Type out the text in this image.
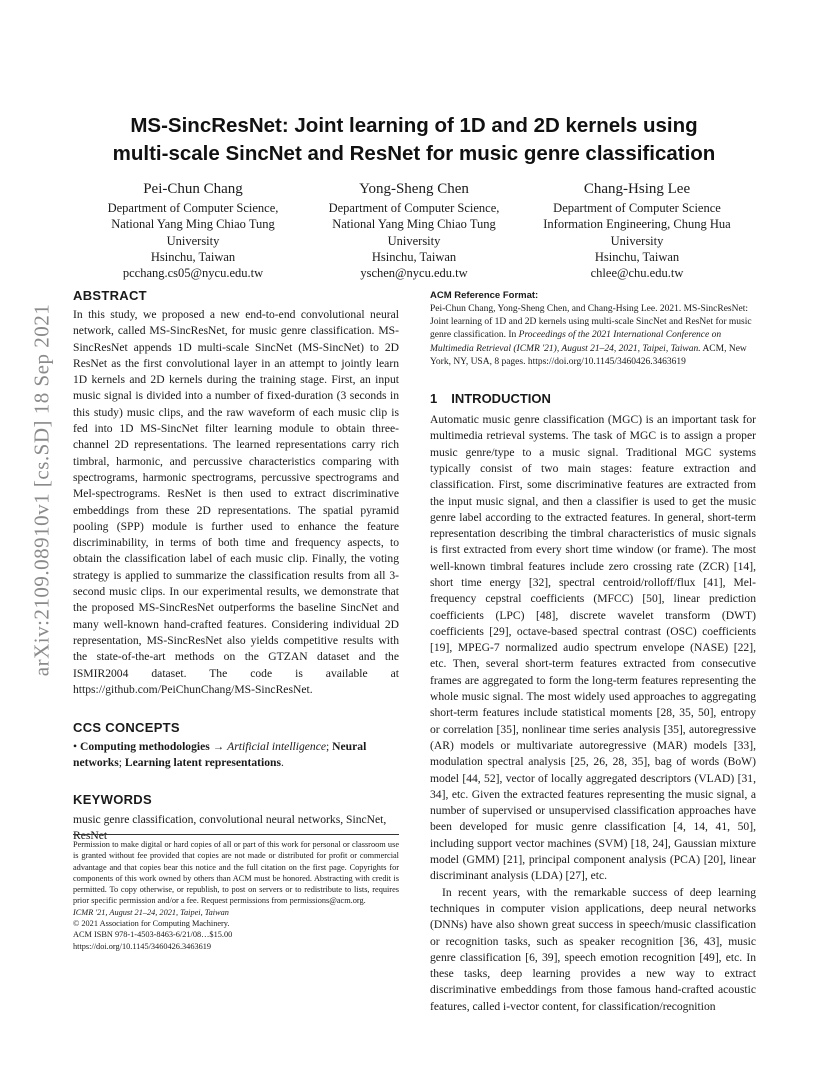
arXiv:2109.08910v1 [cs.SD] 18 Sep 2021
MS-SincResNet: Joint learning of 1D and 2D kernels using
multi-scale SincNet and ResNet for music genre classification
Pei-Chun Chang
Department of Computer Science,
National Yang Ming Chiao Tung
University
Hsinchu, Taiwan
pcchang.cs05@nycu.edu.tw
Yong-Sheng Chen
Department of Computer Science,
National Yang Ming Chiao Tung
University
Hsinchu, Taiwan
yschen@nycu.edu.tw
Chang-Hsing Lee
Department of Computer Science
Information Engineering, Chung Hua
University
Hsinchu, Taiwan
chlee@chu.edu.tw
ABSTRACT

In this study, we proposed a new end-to-end convolutional neural network, called MS-SincResNet, for music genre classification. MS-SincResNet appends 1D multi-scale SincNet (MS-SincNet) to 2D ResNet as the first convolutional layer in an attempt to jointly learn 1D kernels and 2D kernels during the training stage. First, an input music signal is divided into a number of fixed-duration (3 seconds in this study) music clips, and the raw waveform of each music clip is fed into 1D MS-SincNet filter learning module to obtain three-channel 2D representations. The learned representations carry rich timbral, harmonic, and percussive characteristics comparing with spectrograms, harmonic spectrograms, percussive spectrograms and Mel-spectrograms. ResNet is then used to extract discriminative embeddings from these 2D representations. The spatial pyramid pooling (SPP) module is further used to enhance the feature discriminability, in terms of both time and frequency aspects, to obtain the classification label of each music clip. Finally, the voting strategy is applied to summarize the classification results from all 3-second music clips. In our experimental results, we demonstrate that the proposed MS-SincResNet outperforms the baseline SincNet and many well-known hand-crafted features. Considering individual 2D representation, MS-SincResNet also yields competitive results with the state-of-the-art methods on the GTZAN dataset and the ISMIR2004 dataset. The code is available at https://github.com/PeiChunChang/MS-SincResNet.

CCS CONCEPTS

• Computing methodologies → Artificial intelligence; Neural networks; Learning latent representations.

KEYWORDS

music genre classification, convolutional neural networks, SincNet, ResNet

Permission to make digital or hard copies of all or part of this work for personal or classroom use is granted without fee provided that copies are not made or distributed for profit or commercial advantage and that copies bear this notice and the full citation on the first page. Copyrights for components of this work owned by others than ACM must be honored. Abstracting with credit is permitted. To copy otherwise, or republish, to post on servers or to redistribute to lists, requires prior specific permission and/or a fee. Request permissions from permissions@acm.org.

ICMR '21, August 21–24, 2021, Taipei, Taiwan

© 2021 Association for Computing Machinery.

ACM ISBN 978-1-4503-8463-6/21/08…$15.00

https://doi.org/10.1145/3460426.3463619

ACM Reference Format:

Pei-Chun Chang, Yong-Sheng Chen, and Chang-Hsing Lee. 2021. MS-SincResNet: Joint learning of 1D and 2D kernels using multi-scale SincNet and ResNet for music genre classification. In Proceedings of the 2021 International Conference on Multimedia Retrieval (ICMR '21), August 21–24, 2021, Taipei, Taiwan. ACM, New York, NY, USA, 8 pages. https://doi.org/10.1145/3460426.3463619

1 INTRODUCTION

Automatic music genre classification (MGC) is an important task for multimedia retrieval systems. The task of MGC is to assign a proper music genre/type to a music signal. Traditional MGC systems typically consist of two main stages: feature extraction and classification. First, some discriminative features are extracted from the input music signal, and then a classifier is used to get the music genre label according to the extracted features. In general, short-term representation describing the timbral characteristics of music signals is first extracted from every short time window (or frame). The most well-known timbral features include zero crossing rate (ZCR) [14], short time energy [32], spectral centroid/rolloff/flux [41], Mel-frequency cepstral coefficients (MFCC) [50], linear prediction coefficients (LPC) [48], discrete wavelet transform (DWT) coefficients [29], octave-based spectral contrast (OSC) coefficients [19], MPEG-7 normalized audio spectrum envelope (NASE) [22], etc. Then, several short-term features extracted from consecutive frames are aggregated to form the long-term features representing the whole music signal. The most widely used approaches to aggregating short-term features include statistical moments [28, 35, 50], entropy or correlation [35], nonlinear time series analysis [35], autoregressive (AR) models or multivariate autoregressive (MAR) models [33], modulation spectral analysis [25, 26, 28, 35], bag of words (BoW) model [44, 52], vector of locally aggregated descriptors (VLAD) [31, 34], etc. Given the extracted features representing the music signal, a number of supervised or unsupervised classification approaches have been developed for music genre classification [4, 14, 41, 50], including support vector machines (SVM) [18, 24], Gaussian mixture model (GMM) [21], principal component analysis (PCA) [20], linear discriminant analysis (LDA) [27], etc.

In recent years, with the remarkable success of deep learning techniques in computer vision applications, deep neural networks (DNNs) have also shown great success in speech/music classification or recognition tasks, such as speaker recognition [36, 43], music genre classification [6, 39], speech emotion recognition [49], etc. In these tasks, deep learning provides a new way to extract discriminative embeddings from those famous hand-crafted acoustic features, called i-vector content, for classification/recognition
